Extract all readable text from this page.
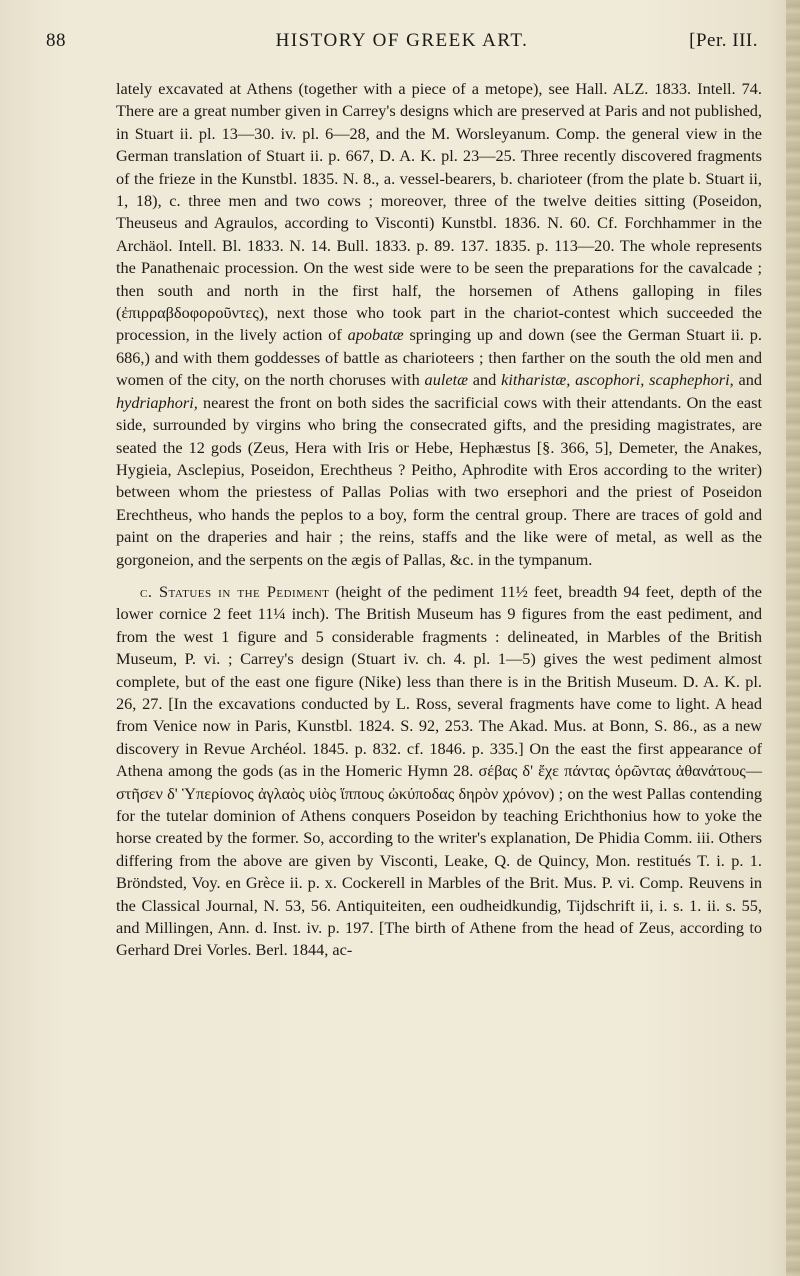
88	HISTORY OF GREEK ART.	[Per. III.

lately excavated at Athens (together with a piece of a metope), see Hall. ALZ. 1833. Intell. 74. There are a great number given in Carrey's designs which are preserved at Paris and not published, in Stuart ii. pl. 13—30. iv. pl. 6—28, and the M. Worsleyanum. Comp. the general view in the German translation of Stuart ii. p. 667, D. A. K. pl. 23—25. Three recently discovered fragments of the frieze in the Kunstbl. 1835. N. 8., a. vessel-bearers, b. charioteer (from the plate b. Stuart ii, 1, 18), c. three men and two cows ; moreover, three of the twelve deities sitting (Poseidon, Theuseus and Agraulos, according to Visconti) Kunstbl. 1836. N. 60. Cf. Forchhammer in the Archäol. Intell. Bl. 1833. N. 14. Bull. 1833. p. 89. 137. 1835. p. 113—20. The whole represents the Panathenaic procession. On the west side were to be seen the preparations for the cavalcade ; then south and north in the first half, the horsemen of Athens galloping in files (ἐπιρραβδοφοροῦντες), next those who took part in the chariot-contest which succeeded the procession, in the lively action of apobatæ springing up and down (see the German Stuart ii. p. 686,) and with them goddesses of battle as charioteers ; then farther on the south the old men and women of the city, on the north choruses with auletæ and kitharistæ, ascophori, scaphephori, and hydriaphori, nearest the front on both sides the sacrificial cows with their attendants. On the east side, surrounded by virgins who bring the consecrated gifts, and the presiding magistrates, are seated the 12 gods (Zeus, Hera with Iris or Hebe, Hephæstus [§. 366, 5], Demeter, the Anakes, Hygieia, Asclepius, Poseidon, Erechtheus ? Peitho, Aphrodite with Eros according to the writer) between whom the priestess of Pallas Polias with two ersephori and the priest of Poseidon Erechtheus, who hands the peplos to a boy, form the central group. There are traces of gold and paint on the draperies and hair ; the reins, staffs and the like were of metal, as well as the gorgoneion, and the serpents on the ægis of Pallas, &c. in the tympanum.

c. Statues in the Pediment (height of the pediment 11½ feet, breadth 94 feet, depth of the lower cornice 2 feet 11¼ inch). The British Museum has 9 figures from the east pediment, and from the west 1 figure and 5 considerable fragments : delineated, in Marbles of the British Museum, P. vi. ; Carrey's design (Stuart iv. ch. 4. pl. 1—5) gives the west pediment almost complete, but of the east one figure (Nike) less than there is in the British Museum. D. A. K. pl. 26, 27. [In the excavations conducted by L. Ross, several fragments have come to light. A head from Venice now in Paris, Kunstbl. 1824. S. 92, 253. The Akad. Mus. at Bonn, S. 86., as a new discovery in Revue Archéol. 1845. p. 832. cf. 1846. p. 335.] On the east the first appearance of Athena among the gods (as in the Homeric Hymn 28. σέβας δ' ἔχε πάντας ὁρῶντας ἀθανάτους— στῆσεν δ' Ὑπερίονος ἀγλαὸς υἱὸς ἵππους ὠκύποδας δηρὸν χρόνον) ; on the west Pallas contending for the tutelar dominion of Athens conquers Poseidon by teaching Erichthonius how to yoke the horse created by the former. So, according to the writer's explanation, De Phidia Comm. iii. Others differing from the above are given by Visconti, Leake, Q. de Quincy, Mon. restitués T. i. p. 1. Bröndsted, Voy. en Grèce ii. p. x. Cockerell in Marbles of the Brit. Mus. P. vi. Comp. Reuvens in the Classical Journal, N. 53, 56. Antiquiteiten, een oudheidkundig, Tijdschrift ii, i. s. 1. ii. s. 55, and Millingen, Ann. d. Inst. iv. p. 197. [The birth of Athene from the head of Zeus, according to Gerhard Drei Vorles. Berl. 1844, ac-
